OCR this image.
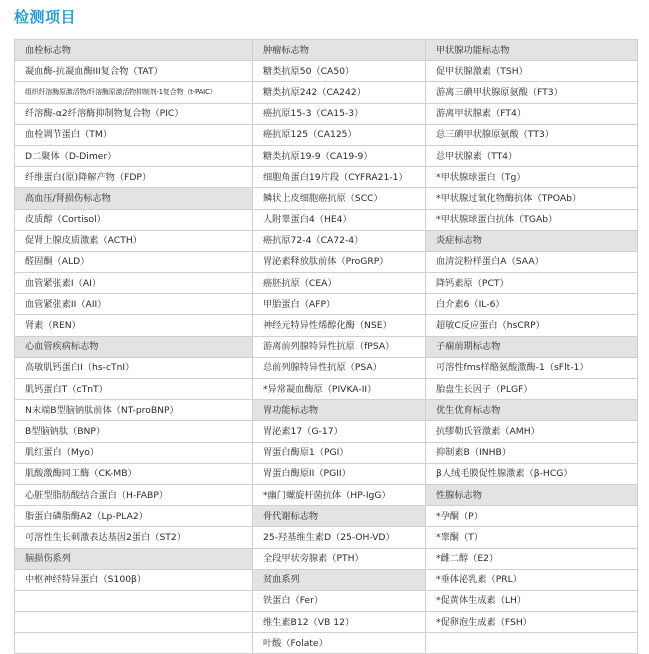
检测项目
血栓标志物	肿瘤标志物	甲状腺功能标志物
凝血酶-抗凝血酶III复合物（TAT）	糖类抗原50（CA50）	促甲状腺激素（TSH）
组织纤溶酶原激活物/纤溶酶原激活物抑制剂-1复合物（t-PAIC）	糖类抗原242（CA242）	游离三碘甲状腺原氨酸（FT3）
纤溶酶-α2纤溶酶抑制物复合物（PIC）	癌抗原15-3（CA15-3）	游离甲状腺素（FT4）
血栓调节蛋白（TM）	癌抗原125（CA125）	总三碘甲状腺原氨酸（TT3）
D二聚体（D-Dimer）	糖类抗原19-9（CA19-9）	总甲状腺素（TT4）
纤维蛋白(原)降解产物（FDP）	细胞角蛋白19片段（CYFRA21-1）	*甲状腺球蛋白（Tg）
高血压/肾损伤标志物	鳞状上皮细胞癌抗原（SCC）	*甲状腺过氧化物酶抗体（TPOAb）
皮质醇（Cortisol）	人附睾蛋白4（HE4）	*甲状腺球蛋白抗体（TGAb）
促肾上腺皮质激素（ACTH）	癌抗原72-4（CA72-4）	炎症标志物
醛固酮（ALD）	胃泌素释放肽前体（ProGRP）	血清淀粉样蛋白A（SAA）
血管紧张素I（AI）	癌胚抗原（CEA）	降钙素原（PCT）
血管紧张素II（AII）	甲胎蛋白（AFP）	白介素6（IL-6）
肾素（REN）	神经元特异性烯醇化酶（NSE）	超敏C反应蛋白（hsCRP）
心血管疾病标志物	游离前列腺特异性抗原（fPSA）	子痫前期标志物
高敏肌钙蛋白I（hs-cTnI）	总前列腺特异性抗原（PSA）	可溶性fms样酪氨酸激酶-1（sFlt-1）
肌钙蛋白T（cTnT）	*异常凝血酶原（PIVKA-II）	胎盘生长因子（PLGF）
N末端B型脑钠肽前体（NT-proBNP）	胃功能标志物	优生优育标志物
B型脑钠肽（BNP）	胃泌素17（G-17）	抗缪勒氏管激素（AMH）
肌红蛋白（Myo）	胃蛋白酶原1（PGI）	抑制素B（INHB）
肌酸激酶同工酶（CK-MB）	胃蛋白酶原II（PGII）	β人绒毛膜促性腺激素（β-HCG）
心脏型脂肪酸结合蛋白（H-FABP）	*幽门螺旋杆菌抗体（HP-IgG）	性腺标志物
脂蛋白磷脂酶A2（Lp-PLA2）	骨代谢标志物	*孕酮（P）
可溶性生长刺激表达基因2蛋白（ST2）	25-羟基维生素D（25-OH-VD）	*睾酮（T）
脑损伤系列	全段甲状旁腺素（PTH）	*雌二醇（E2）
中枢神经特异蛋白（S100β）	贫血系列	*垂体泌乳素（PRL）
	铁蛋白（Fer）	*促黄体生成素（LH）
	维生素B12（VB 12）	*促卵泡生成素（FSH）
	叶酸（Folate）	
